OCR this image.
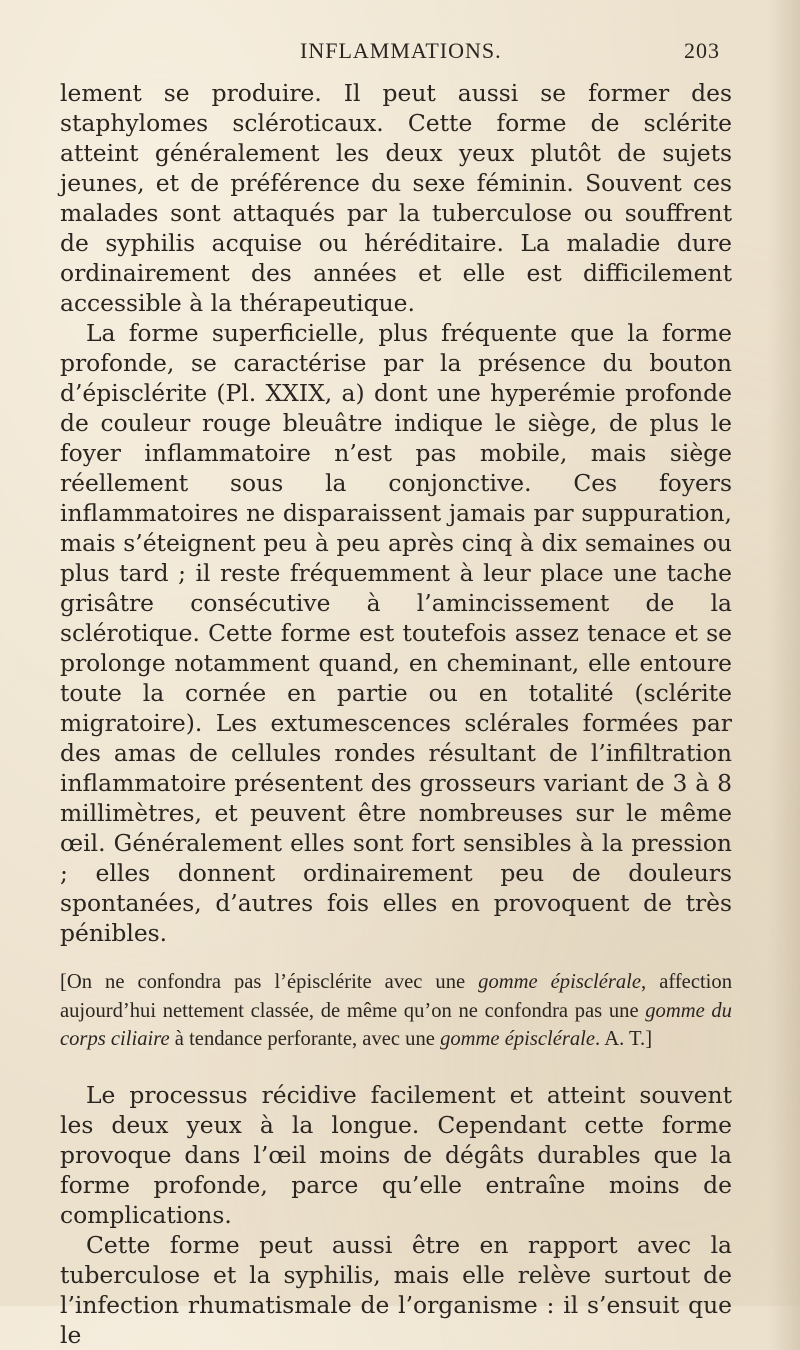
INFLAMMATIONS.	203

lement se produire. Il peut aussi se former des staphylomes scléroticaux. Cette forme de sclérite atteint généralement les deux yeux plutôt de sujets jeunes, et de préférence du sexe féminin. Souvent ces malades sont attaqués par la tuberculose ou souffrent de syphilis acquise ou héréditaire. La maladie dure ordinairement des années et elle est difficilement accessible à la thérapeutique.

La forme superficielle, plus fréquente que la forme profonde, se caractérise par la présence du bouton d’épisclérite (Pl. XXIX, a) dont une hyperémie profonde de couleur rouge bleuâtre indique le siège, de plus le foyer inflammatoire n’est pas mobile, mais siège réellement sous la conjonctive. Ces foyers inflammatoires ne disparaissent jamais par suppuration, mais s’éteignent peu à peu après cinq à dix semaines ou plus tard ; il reste fréquemment à leur place une tache grisâtre consécutive à l’amincissement de la sclérotique. Cette forme est toutefois assez tenace et se prolonge notamment quand, en cheminant, elle entoure toute la cornée en partie ou en totalité (sclérite migratoire). Les extumescences sclérales formées par des amas de cellules rondes résultant de l’infiltration inflammatoire présentent des grosseurs variant de 3 à 8 millimètres, et peuvent être nombreuses sur le même œil. Généralement elles sont fort sensibles à la pression ; elles donnent ordinairement peu de douleurs spontanées, d’autres fois elles en provoquent de très pénibles.

[On ne confondra pas l’épisclérite avec une gomme épisclérale, affection aujourd’hui nettement classée, de même qu’on ne confondra pas une gomme du corps ciliaire à tendance perforante, avec une gomme épisclérale. A. T.]

Le processus récidive facilement et atteint souvent les deux yeux à la longue. Cependant cette forme provoque dans l’œil moins de dégâts durables que la forme profonde, parce qu’elle entraîne moins de complications.

Cette forme peut aussi être en rapport avec la tuberculose et la syphilis, mais elle relève surtout de l’infection rhumatismale de l’organisme : il s’ensuit que le
